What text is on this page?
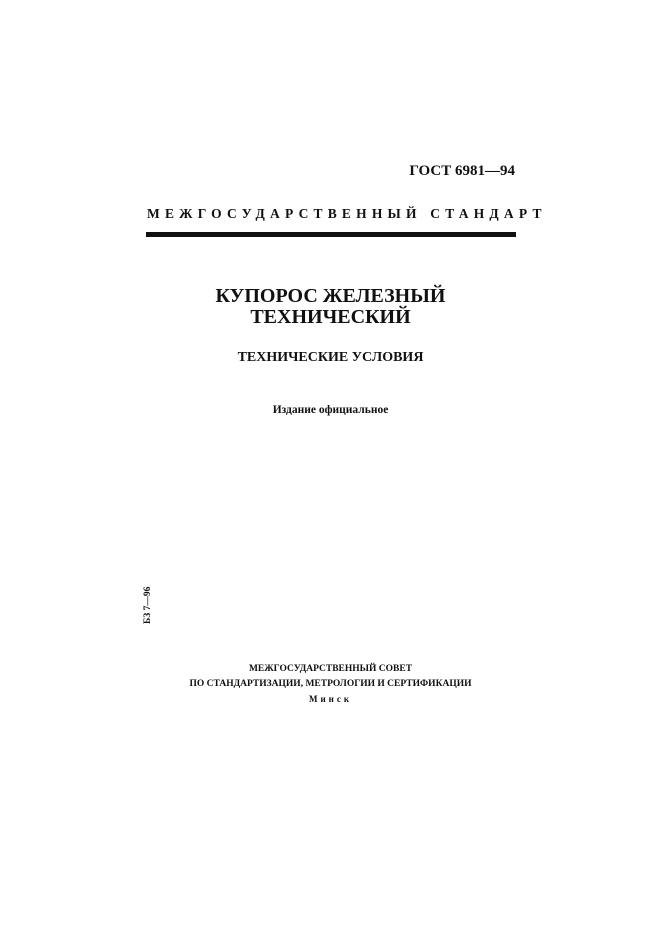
ГОСТ 6981—94
МЕЖГОСУДАРСТВЕННЫЙ СТАНДАРТ
КУПОРОС ЖЕЛЕЗНЫЙ
ТЕХНИЧЕСКИЙ
ТЕХНИЧЕСКИЕ УСЛОВИЯ
Издание официальное
БЗ 7—96
МЕЖГОСУДАРСТВЕННЫЙ СОВЕТ
ПО СТАНДАРТИЗАЦИИ, МЕТРОЛОГИИ И СЕРТИФИКАЦИИ
Минск
